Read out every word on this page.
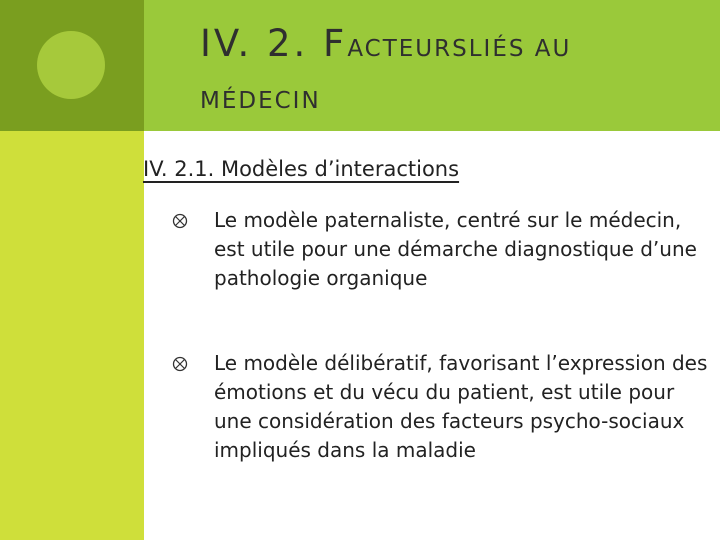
IV. 2. FACTEURSLIÉS AU
MÉDECIN
IV. 2.1. Modèles d’interactions
Le modèle paternaliste, centré sur le médecin, est utile pour une démarche diagnostique d’une pathologie organique
Le modèle délibératif, favorisant l’expression des émotions et du vécu du patient, est utile pour une considération des facteurs psycho-sociaux impliqués dans la maladie
